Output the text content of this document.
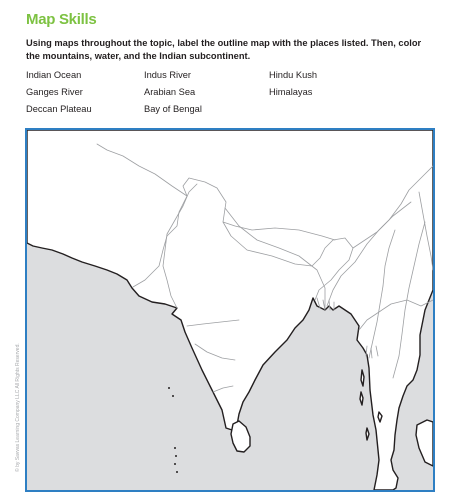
Map Skills

Using maps throughout the topic, label the outline map with the places listed. Then, color the mountains, water, and the Indian subcontinent.

Indian Ocean	Indus River	Hindu Kush
Ganges River	Arabian Sea	Himalayas
Deccan Plateau	Bay of Bengal
© by Savvas Learning Company LLC All Rights Reserved.
